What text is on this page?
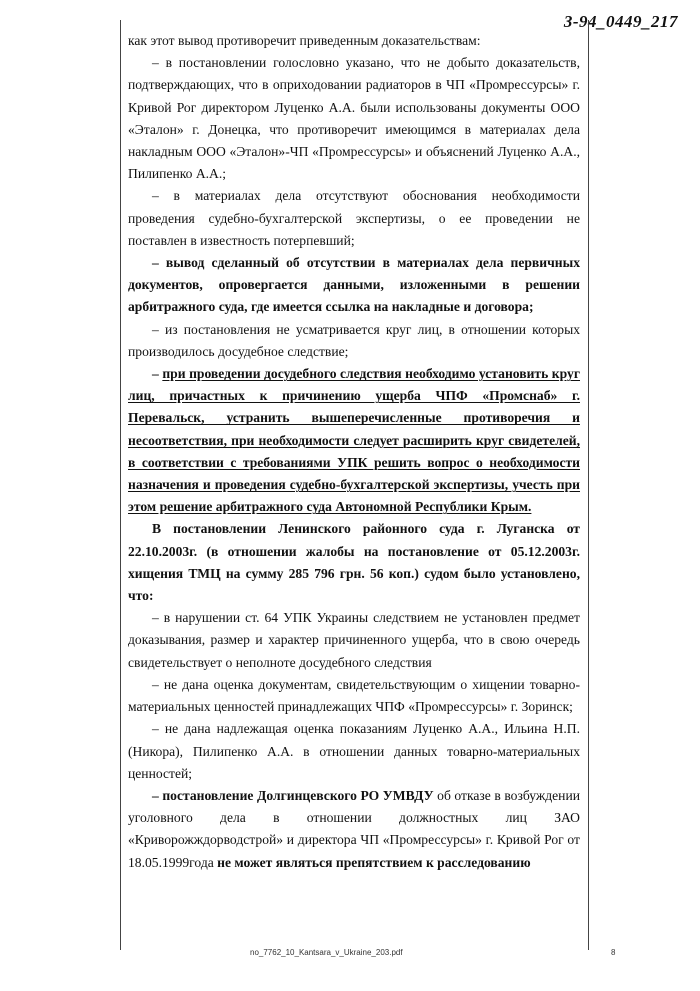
3-94_0449_217

как этот вывод противоречит приведенным доказательствам:

– в постановлении голословно указано, что не добыто доказательств, подтверждающих, что в оприходовании радиаторов в ЧП «Промрессурсы» г. Кривой Рог директором Луценко А.А. были использованы документы ООО «Эталон» г. Донецка, что противоречит имеющимся в материалах дела накладным ООО «Эталон»-ЧП «Промрессурсы» и объяснений Луценко А.А., Пилипенко А.А.;

– в материалах дела отсутствуют обоснования необходимости проведения судебно-бухгалтерской экспертизы, о ее проведении не поставлен в известность потерпевший;

– вывод сделанный об отсутствии в материалах дела первичных документов, опровергается данными, изложенными в решении арбитражного суда, где имеется ссылка на накладные и договора;

– из постановления не усматривается круг лиц, в отношении которых производилось досудебное следствие;

– при проведении досудебного следствия необходимо установить круг лиц, причастных к причинению ущерба ЧПФ «Промснаб» г. Перевальск, устранить вышеперечисленные противоречия и несоответствия, при необходимости следует расширить круг свидетелей, в соответствии с требованиями УПК решить вопрос о необходимости назначения и проведения судебно-бухгалтерской экспертизы, учесть при этом решение арбитражного суда Автономной Республики Крым.

В постановлении Ленинского районного суда г. Луганска от 22.10.2003г. (в отношении жалобы на постановление от 05.12.2003г. хищения ТМЦ на сумму 285 796 грн. 56 коп.) судом было установлено, что:

– в нарушении ст. 64 УПК Украины следствием не установлен предмет доказывания, размер и характер причиненного ущерба, что в свою очередь свидетельствует о неполноте досудебного следствия

– не дана оценка документам, свидетельствующим о хищении товарно-материальных ценностей принадлежащих ЧПФ «Промрессурсы» г. Зоринск;

– не дана надлежащая оценка показаниям Луценко А.А., Ильина Н.П. (Никора), Пилипенко А.А. в отношении данных товарно-материальных ценностей;

– постановление Долгинцевского РО УМВДУ об отказе в возбуждении уголовного дела в отношении должностных лиц ЗАО «Криворожждорводстрой» и директора ЧП «Промрессурсы» г. Кривой Рог от 18.05.1999года не может являться препятствием к расследованию

no_7762_10_Kantsara_v_Ukraine_203.pdf	8
